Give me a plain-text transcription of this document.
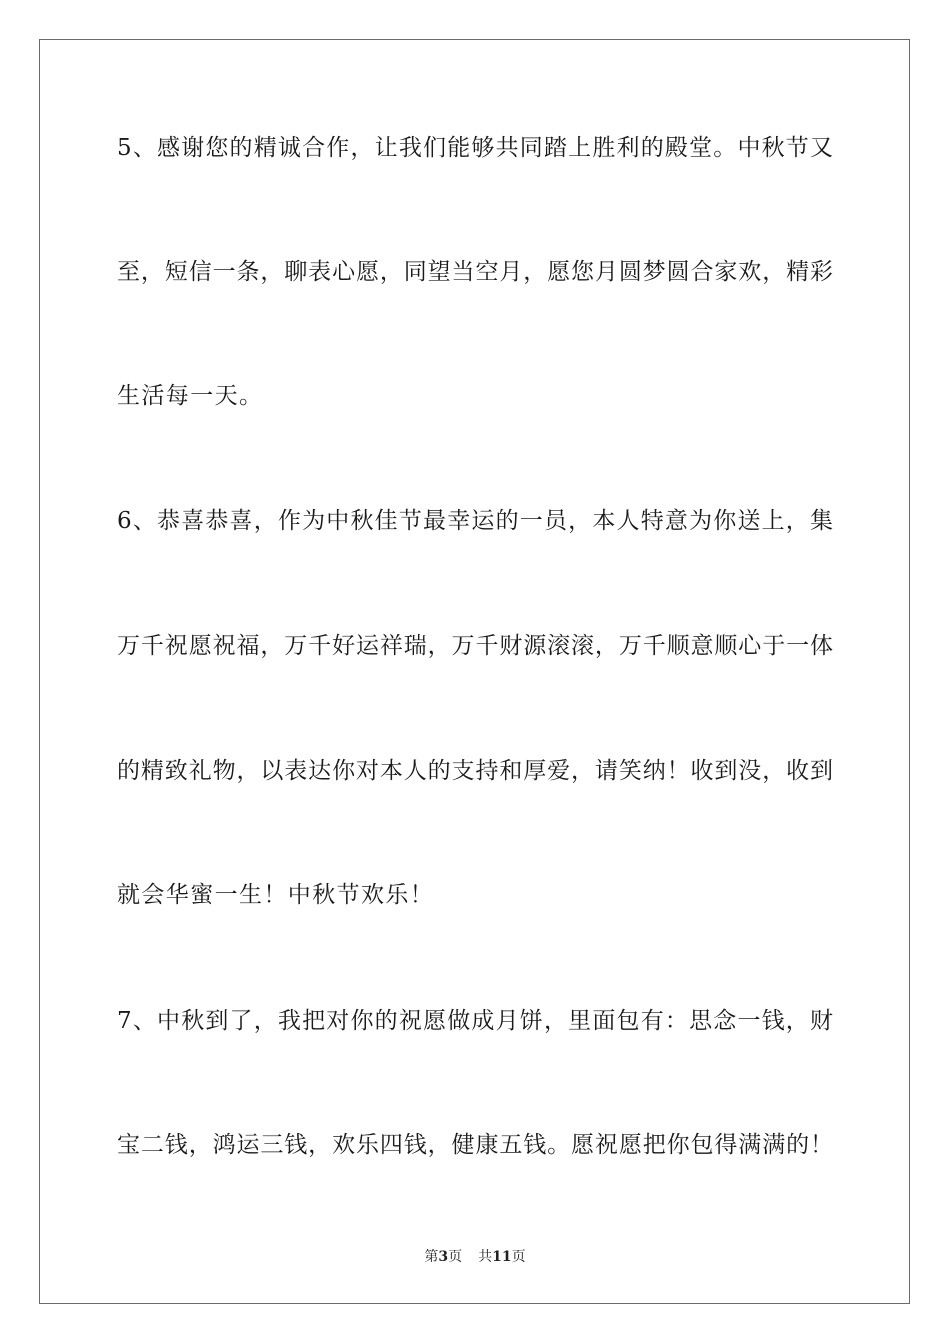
5、感谢您的精诚合作，让我们能够共同踏上胜利的殿堂。中秋节又
至，短信一条，聊表心愿，同望当空月，愿您月圆梦圆合家欢，精彩
生活每一天。
6、恭喜恭喜，作为中秋佳节最幸运的一员，本人特意为你送上，集
万千祝愿祝福，万千好运祥瑞，万千财源滚滚，万千顺意顺心于一体
的精致礼物，以表达你对本人的支持和厚爱，请笑纳！收到没，收到
就会华蜜一生！中秋节欢乐！
7、中秋到了，我把对你的祝愿做成月饼，里面包有：思念一钱，财
宝二钱，鸿运三钱，欢乐四钱，健康五钱。愿祝愿把你包得满满的！
第3页 共11页
